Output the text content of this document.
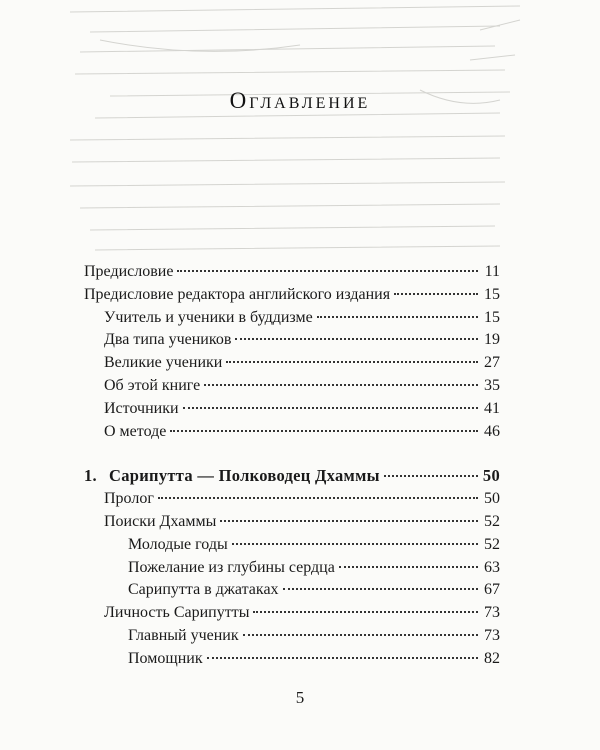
Оглавление
Предисловие	11
Предисловие редактора английского издания	15
Учитель и ученики в буддизме	15
Два типа учеников	19
Великие ученики	27
Об этой книге	35
Источники	41
О методе	46
1. Сарипутта — Полководец Дхаммы	50
Пролог	50
Поиски Дхаммы	52
Молодые годы	52
Пожелание из глубины сердца	63
Сарипутта в джатаках	67
Личность Сарипутты	73
Главный ученик	73
Помощник	82
5
